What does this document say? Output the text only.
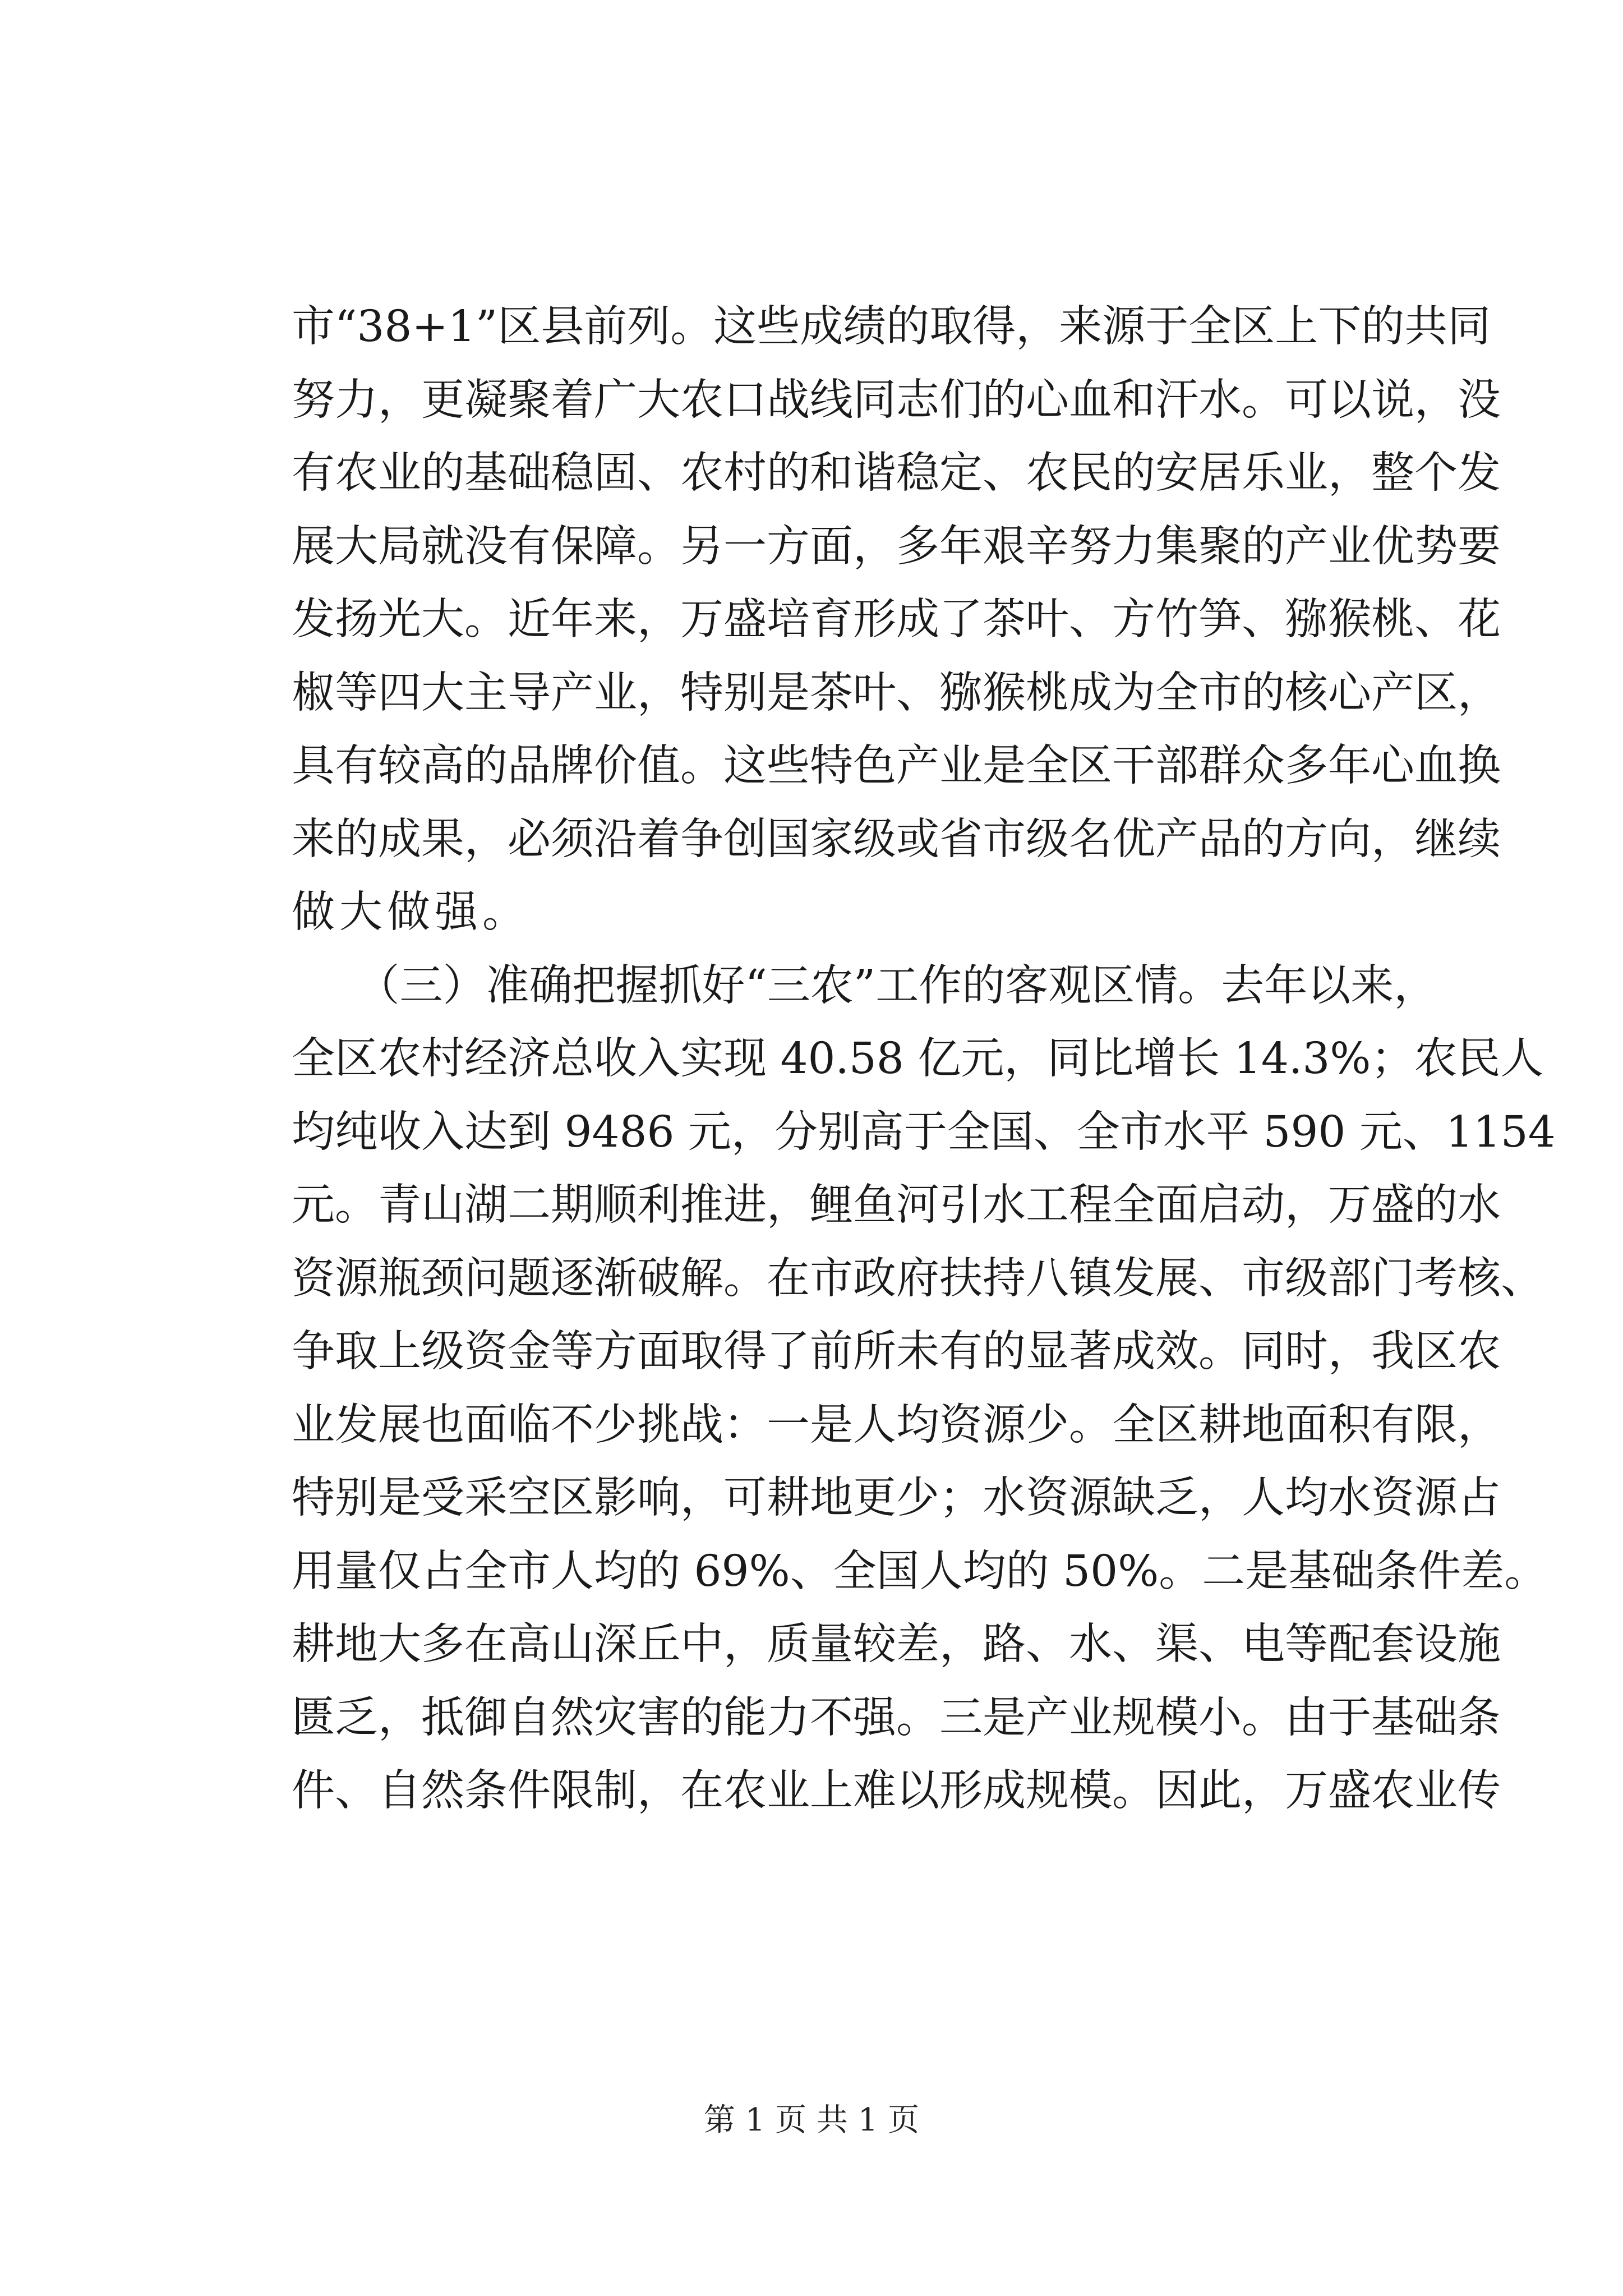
市“38+1”区县前列。这些成绩的取得，来源于全区上下的共同
努力，更凝聚着广大农口战线同志们的心血和汗水。可以说，没
有农业的基础稳固、农村的和谐稳定、农民的安居乐业，整个发
展大局就没有保障。另一方面，多年艰辛努力集聚的产业优势要
发扬光大。近年来，万盛培育形成了茶叶、方竹笋、猕猴桃、花
椒等四大主导产业，特别是茶叶、猕猴桃成为全市的核心产区，
具有较高的品牌价值。这些特色产业是全区干部群众多年心血换
来的成果，必须沿着争创国家级或省市级名优产品的方向，继续
做大做强。
　　（三）准确把握抓好“三农”工作的客观区情。去年以来，
全区农村经济总收入实现 40.58 亿元，同比增长 14.3%；农民人
均纯收入达到 9486 元，分别高于全国、全市水平 590 元、1154
元。青山湖二期顺利推进，鲤鱼河引水工程全面启动，万盛的水
资源瓶颈问题逐渐破解。在市政府扶持八镇发展、市级部门考核、
争取上级资金等方面取得了前所未有的显著成效。同时，我区农
业发展也面临不少挑战：一是人均资源少。全区耕地面积有限，
特别是受采空区影响，可耕地更少；水资源缺乏，人均水资源占
用量仅占全市人均的 69%、全国人均的 50%。二是基础条件差。
耕地大多在高山深丘中，质量较差，路、水、渠、电等配套设施
匮乏，抵御自然灾害的能力不强。三是产业规模小。由于基础条
件、自然条件限制，在农业上难以形成规模。因此，万盛农业传
第 1 页 共 1 页
